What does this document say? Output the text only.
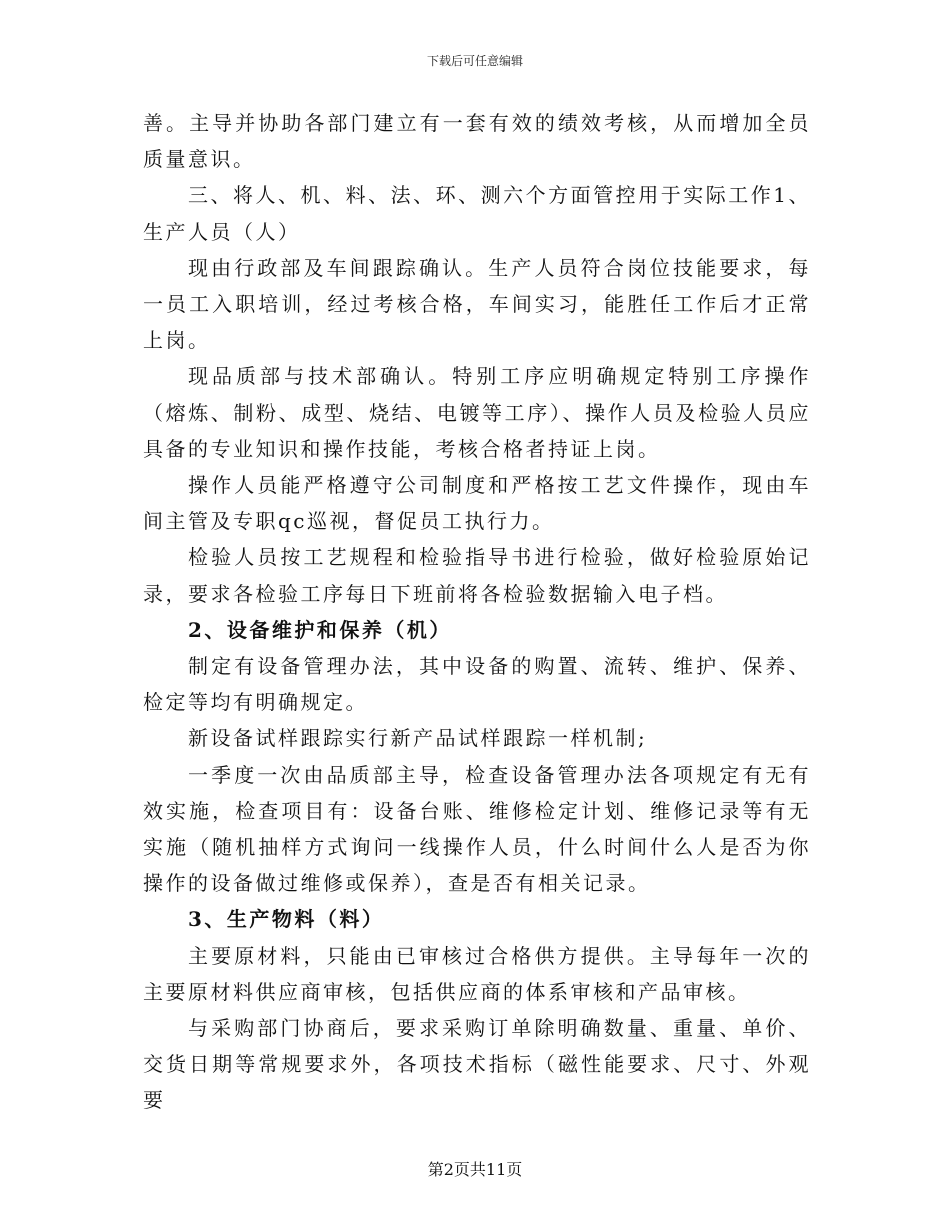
下载后可任意编辑

善。主导并协助各部门建立有一套有效的绩效考核，从而增加全员质量意识。

三、将人、机、料、法、环、测六个方面管控用于实际工作1、生产人员（人）

现由行政部及车间跟踪确认。生产人员符合岗位技能要求，每一员工入职培训，经过考核合格，车间实习，能胜任工作后才正常上岗。

现品质部与技术部确认。特别工序应明确规定特别工序操作（熔炼、制粉、成型、烧结、电镀等工序）、操作人员及检验人员应具备的专业知识和操作技能，考核合格者持证上岗。

操作人员能严格遵守公司制度和严格按工艺文件操作，现由车间主管及专职qc巡视，督促员工执行力。

检验人员按工艺规程和检验指导书进行检验，做好检验原始记录，要求各检验工序每日下班前将各检验数据输入电子档。

2、设备维护和保养（机）

制定有设备管理办法，其中设备的购置、流转、维护、保养、检定等均有明确规定。

新设备试样跟踪实行新产品试样跟踪一样机制;

一季度一次由品质部主导，检查设备管理办法各项规定有无有效实施，检查项目有：设备台账、维修检定计划、维修记录等有无实施（随机抽样方式询问一线操作人员，什么时间什么人是否为你操作的设备做过维修或保养），查是否有相关记录。

3、生产物料（料）

主要原材料，只能由已审核过合格供方提供。主导每年一次的主要原材料供应商审核，包括供应商的体系审核和产品审核。

与采购部门协商后，要求采购订单除明确数量、重量、单价、交货日期等常规要求外，各项技术指标（磁性能要求、尺寸、外观要

第2页共11页
